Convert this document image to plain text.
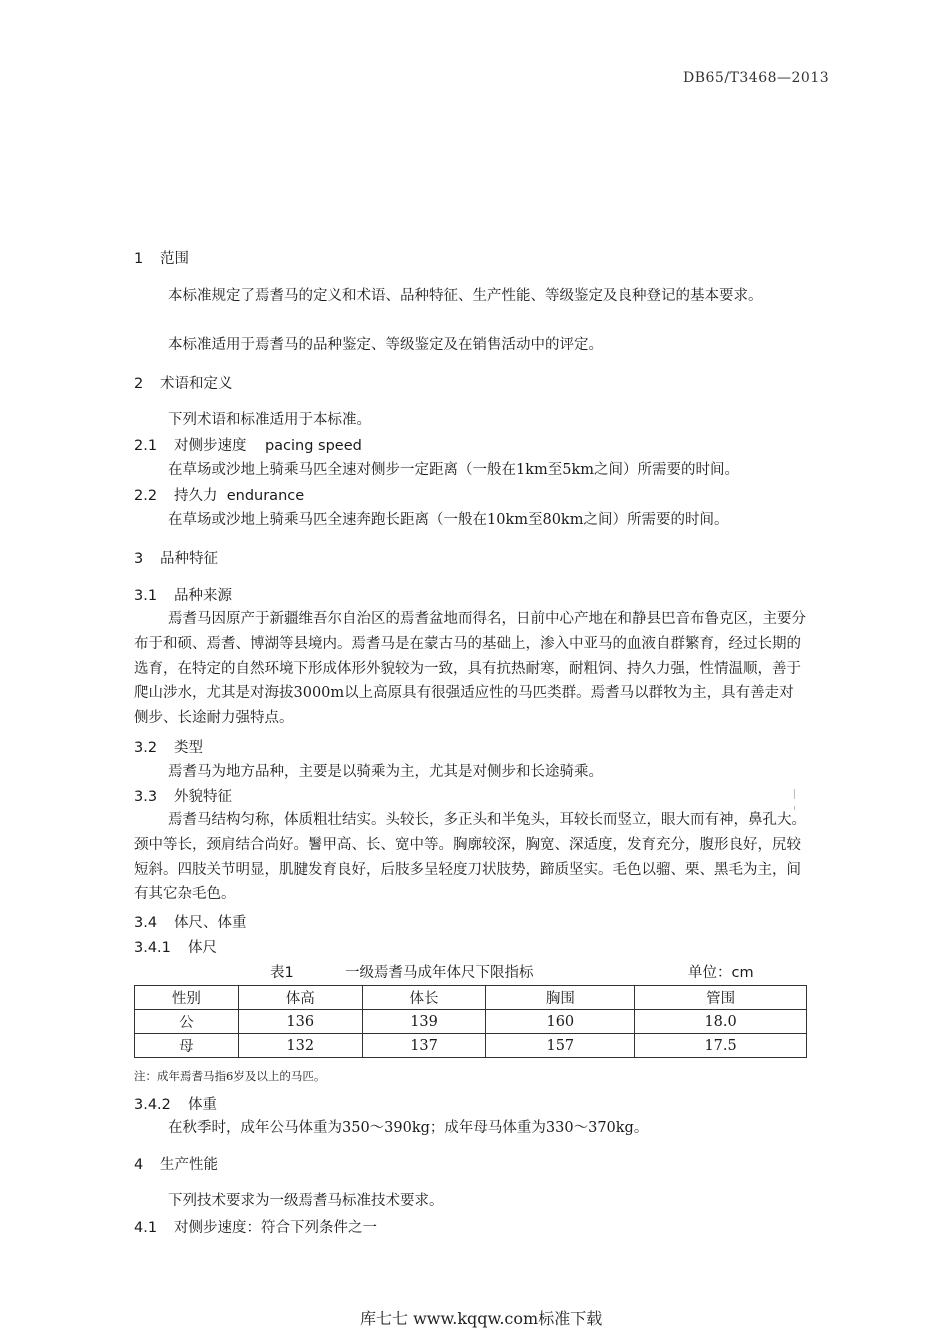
DB65/T3468—2013
1 范围
本标准规定了焉耆马的定义和术语、品种特征、生产性能、等级鉴定及良种登记的基本要求。
本标准适用于焉耆马的品种鉴定、等级鉴定及在销售活动中的评定。
2 术语和定义
下列术语和标准适用于本标准。
2.1 对侧步速度 pacing speed
在草场或沙地上骑乘马匹全速对侧步一定距离（一般在1km至5km之间）所需要的时间。
2.2 持久力 endurance
在草场或沙地上骑乘马匹全速奔跑长距离（一般在10km至80km之间）所需要的时间。
3 品种特征
3.1 品种来源
焉耆马因原产于新疆维吾尔自治区的焉耆盆地而得名，日前中心产地在和静县巴音布鲁克区，主要分布于和硕、焉耆、博湖等县境内。焉耆马是在蒙古马的基础上，渗入中亚马的血液自群繁育，经过长期的选育，在特定的自然环境下形成体形外貌较为一致，具有抗热耐寒，耐粗饲、持久力强，性情温顺，善于爬山涉水，尤其是对海拔3000m以上高原具有很强适应性的马匹类群。焉耆马以群牧为主，具有善走对侧步、长途耐力强特点。
3.2 类型
焉耆马为地方品种，主要是以骑乘为主，尤其是对侧步和长途骑乘。
3.3 外貌特征
焉耆马结构匀称，体质粗壮结实。头较长，多正头和半兔头，耳较长而竖立，眼大而有神，鼻孔大。颈中等长，颈肩结合尚好。鬐甲高、长、宽中等。胸廓较深，胸宽、深适度，发育充分，腹形良好，尻较短斜。四肢关节明显，肌腱发育良好，后肢多呈轻度刀状肢势，蹄质坚实。毛色以骝、栗、黑毛为主，间有其它杂毛色。
3.4 体尺、体重
3.4.1 体尺
表1	一级焉耆马成年体尺下限指标	单位：cm
性别	体高	体长	胸围	管围
公	136	139	160	18.0
母	132	137	157	17.5
注：成年焉耆马指6岁及以上的马匹。
3.4.2 体重
在秋季时，成年公马体重为350～390kg；成年母马体重为330～370kg。
4 生产性能
下列技术要求为一级焉耆马标准技术要求。
4.1 对侧步速度：符合下列条件之一
库七七 www.kqqw.com标准下载
